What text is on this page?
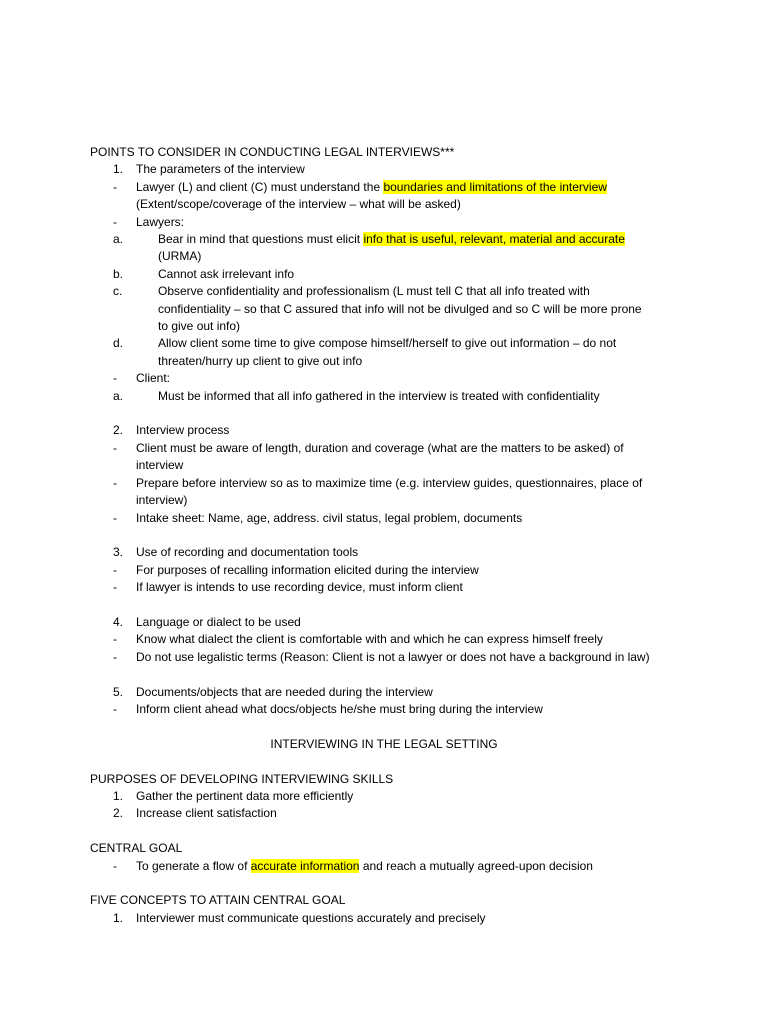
POINTS TO CONSIDER IN CONDUCTING LEGAL INTERVIEWS***
1.	The parameters of the interview
-	Lawyer (L) and client (C) must understand the boundaries and limitations of the interview
(Extent/scope/coverage of the interview – what will be asked)
-	Lawyers:
a.	Bear in mind that questions must elicit info that is useful, relevant, material and accurate
(URMA)
b.	Cannot ask irrelevant info
c.	Observe confidentiality and professionalism (L must tell C that all info treated with
confidentiality – so that C assured that info will not be divulged and so C will be more prone
to give out info)
d.	Allow client some time to give compose himself/herself to give out information – do not
threaten/hurry up client to give out info
-	Client:
a.	Must be informed that all info gathered in the interview is treated with confidentiality
2.	Interview process
-	Client must be aware of length, duration and coverage (what are the matters to be asked) of
interview
-	Prepare before interview so as to maximize time (e.g. interview guides, questionnaires, place of
interview)
-	Intake sheet: Name, age, address. civil status, legal problem, documents
3.	Use of recording and documentation tools
-	For purposes of recalling information elicited during the interview
-	If lawyer is intends to use recording device, must inform client
4.	Language or dialect to be used
-	Know what dialect the client is comfortable with and which he can express himself freely
-	Do not use legalistic terms (Reason: Client is not a lawyer or does not have a background in law)
5.	Documents/objects that are needed during the interview
-	Inform client ahead what docs/objects he/she must bring during the interview
INTERVIEWING IN THE LEGAL SETTING
PURPOSES OF DEVELOPING INTERVIEWING SKILLS
1.	Gather the pertinent data more efficiently
2.	Increase client satisfaction
CENTRAL GOAL
-	To generate a flow of accurate information and reach a mutually agreed-upon decision
FIVE CONCEPTS TO ATTAIN CENTRAL GOAL
1.	Interviewer must communicate questions accurately and precisely
